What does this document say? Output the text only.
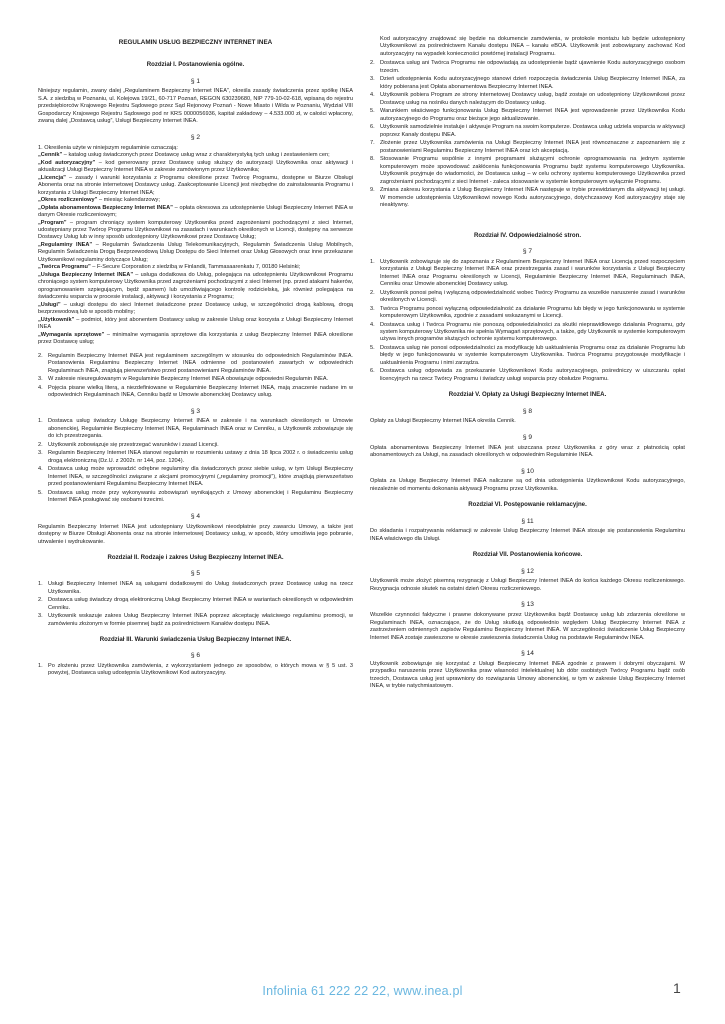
REGULAMIN USŁUG BEZPIECZNY INTERNET INEA
Rozdział I. Postanowienia ogólne.
§ 1

Niniejszy regulamin, zwany dalej „Regulaminem Bezpieczny Internet INEA”, określa zasady świadczenia przez spółkę INEA S.A. z siedzibą w Poznaniu, ul. Kolejowa 19/21, 60-717 Poznań, REGON 630239680, NIP 779-10-02-618, wpisaną do rejestru przedsiębiorców Krajowego Rejestru Sądowego przez Sąd Rejonowy Poznań - Nowe Miasto i Wilda w Poznaniu, Wydział VIII Gospodarczy Krajowego Rejestru Sądowego pod nr KRS 0000056936, kapitał zakładowy – 4.533.000 zł, w całości wpłacony, zwaną dalej „Dostawcą usług”, Usługi Bezpieczny Internet INEA.

§ 2
1. Określenia użyte w niniejszym regulaminie oznaczają:
„Cennik” – katalog usług świadczonych przez Dostawcę usług wraz z charakterystyką tych usług i zestawieniem cen;
„Kod autoryzacyjny” – kod generowany przez Dostawcę usług służący do autoryzacji Użytkownika oraz aktywacji i aktualizacji Usługi Bezpieczny Internet INEA w zakresie zamówionym przez Użytkownika;
„Licencja” – zasady i warunki korzystania z Programu określone przez Twórcę Programu, dostępne w Biurze Obsługi Abonenta oraz na stronie internetowej Dostawcy usług. Zaakceptowanie Licencji jest niezbędne do zainstalowania Programu i korzystania z Usługi Bezpieczny Internet INEA;
„Okres rozliczeniowy” – miesiąc kalendarzowy;
„Opłata abonamentowa Bezpieczny Internet INEA” – opłata okresowa za udostępnienie Usługi Bezpieczny Internet INEA w danym Okresie rozliczeniowym;
„Program” – program chroniący system komputerowy Użytkownika przed zagrożeniami pochodzącymi z sieci Internet, udostępniany przez Twórcę Programu Użytkownikowi na zasadach i warunkach określonych w Licencji, dostępny na serwerze Dostawcy Usług lub w inny sposób udostępniony Użytkownikowi przez Dostawcę Usług;
„Regulaminy INEA” – Regulamin Świadczenia Usług Telekomunikacyjnych, Regulamin Świadczenia Usług Mobilnych, Regulamin Świadczenia Drogą Bezprzewodową Usług Dostępu do Sieci Internet oraz Usług Głosowych oraz inne przekazane Użytkownikowi regulaminy dotyczące Usług;
„Twórca Programu” – F-Secure Corporation z siedzibą w Finlandii, Tammasaarenkatu 7, 00180 Helsinki;
„Usługa Bezpieczny Internet INEA” – usługa dodatkowa do Usług, polegająca na udostępnieniu Użytkownikowi Programu chroniącego system komputerowy Użytkownika przed zagrożeniami pochodzącymi z sieci Internet (np. przed atakami hakerów, oprogramowaniem szpiegującym, będź spamem) lub umożliwiającego kontrolę rodzicielską, jak również polegająca na świadczeniu wsparcia w procesie instalacji, aktywacji i korzystania z Programu;
„Usługi” – usługi dostępu do sieci Internet świadczone przez Dostawcę usług, w szczególności drogą kablową, drogą bezprzewodową lub w sposób mobilny;
„Użytkownik” – podmiot, który jest abonentem Dostawcy usług w zakresie Usług oraz korzysta z Usługi Bezpieczny Internet INEA
„Wymagania sprzętowe” – minimalne wymagania sprzętowe dla korzystania z usług Bezpieczny Internet INEA określone przez Dostawcę usług;
2. Regulamin Bezpieczny Internet INEA jest regulaminem szczególnym w stosunku do odpowiednich Regulaminów INEA. Postanowienia Regulaminu Bezpieczny Internet INEA odmienne od postanowień zawartych w odpowiednich Regulaminach INEA, znajdują pierwszeństwo przed postanowieniami Regulaminów INEA.
3. W zakresie nieuregulowanym w Regulaminie Bezpieczny Internet INEA obowiązuje odpowiedni Regulamin INEA.
4. Pojęcia pisane wielką literą, a niezdefiniowane w Regulaminie Bezpieczny Internet INEA, mają znaczenie nadane im w odpowiednich Regulaminach INEA, Cenniku bądź w Umowie abonenckiej Dostawcy usług.
§ 3
1. Dostawca usług świadczy Usługę Bezpieczny Internet INEA w zakresie i na warunkach określonych w Umowie abonenckiej, Regulaminie Bezpieczny Internet INEA, Regulaminach INEA oraz w Cenniku, a Użytkownik zobowiązuje się do ich przestrzegania.
2. Użytkownik zobowiązuje się przestrzegać warunków i zasad Licencji.
3. Regulamin Bezpieczny Internet INEA stanowi regulamin w rozumieniu ustawy z dnia 18 lipca 2002 r. o świadczeniu usług drogą elektroniczną (Dz.U. z 2002r. nr 144, poz. 1204).
4. Dostawca usług może wprowadzić odrębne regulaminy dla świadczonych przez siebie usług, w tym Usługi Bezpieczny Internet INEA, w szczególności związane z akcjami promocyjnymi („regulaminy promocji”), które znajdują pierwszeństwo przed postanowieniami Regulaminu Bezpieczny Internet INEA.
5. Dostawca usług może przy wykonywaniu zobowiązań wynikających z Umowy abonenckiej i Regulaminu Bezpieczny Internet INEA posługiwać się osobami trzecimi.
§ 4

Regulamin Bezpieczny Internet INEA jest udostępniany Użytkownikowi nieodpłatnie przy zawarciu Umowy, a także jest dostępny w Biurze Obsługi Abonenta oraz na stronie internetowej Dostawcy usług, w sposób, który umożliwia jego pobranie, utrwalenie i wydrukowanie.

Rozdział II. Rodzaje i zakres Usług Bezpieczny Internet INEA.
§ 5
1. Usługi Bezpieczny Internet INEA są usługami dodatkowymi do Usług świadczonych przez Dostawcę usług na rzecz Użytkownika.
2. Dostawca usług świadczy drogą elektroniczną Usługi Bezpieczny Internet INEA w wariantach określonych w odpowiednim Cenniku.
3. Użytkownik wskazuje zakres Usług Bezpieczny Internet INEA poprzez akceptację właściwego regulaminu promocji, w zamówieniu złożonym w formie pisemnej bądź za pośrednictwem Kanałów dostępu INEA.
Rozdział III. Warunki świadczenia Usług Bezpieczny Internet INEA.
§ 6
1. Po złożeniu przez Użytkownika zamówienia, z wykorzystaniem jednego ze sposobów, o których mowa w § 5 ust. 3 powyżej, Dostawca usług udostępnia Użytkownikowi Kod autoryzacyjny.

Kod autoryzacyjny znajdować się będzie na dokumencie zamówienia, w protokole montażu lub będzie udostępniony Użytkownikowi za pośrednictwem Kanału dostępu INEA – kanału eBOA. Użytkownik jest zobowiązany zachować Kod autoryzacyjny na wypadek konieczności powtórnej instalacji Programu.

2. Dostawca usług ani Twórca Programu nie odpowiadają za udostępnienie bądź ujawnienie Kodu autoryzacyjnego osobom trzecim.
3. Dzień udostępnienia Kodu autoryzacyjnego stanowi dzień rozpoczęcia świadczenia Usług Bezpieczny Internet INEA, za który pobierana jest Opłata abonamentowa Bezpieczny Internet INEA.
4. Użytkownik pobiera Program ze strony internetowej Dostawcy usług, bądź zostaje on udostępniony Użytkownikowi przez Dostawcę usług na nośniku danych należącym do Dostawcy usług.
5. Warunkiem właściwego funkcjonowania Usług Bezpieczny Internet INEA jest wprowadzenie przez Użytkownika Kodu autoryzacyjnego do Programu oraz bieżące jego aktualizowanie.
6. Użytkownik samodzielnie instaluje i aktywuje Program na swoim komputerze. Dostawca usług udziela wsparcia w aktywacji poprzez Kanały dostępu INEA.
7. Złożenie przez Użytkownika zamówienia na Usługi Bezpieczny Internet INEA jest równoznaczne z zapoznaniem się z postanowieniami Regulaminu Bezpieczny Internet INEA oraz ich akceptacją.
8. Stosowanie Programu wspólnie z innymi programami służącymi ochronie oprogramowania na jednym systemie komputerowym może spowodować zakłócenia funkcjonowania Programu bądź systemu komputerowego Użytkownika. Użytkownik przyjmuje do wiadomości, że Dostawca usług – w celu ochrony systemu komputerowego Użytkownika przed zagrożeniami pochodzącymi z sieci Internet - zaleca stosowanie w systemie komputerowym wyłącznie Programu.
9. Zmiana zakresu korzystania z Usług Bezpieczny Internet INEA następuje w trybie przewidzianym dla aktywacji tej usługi. W momencie udostępnienia Użytkownikowi nowego Kodu autoryzacyjnego, dotychczasowy Kod autoryzacyjny staje się nieaktywny.
Rozdział IV. Odpowiedzialność stron.
§ 7
1. Użytkownik zobowiązuje się do zapoznania z Regulaminem Bezpieczny Internet INEA oraz Licencją przed rozpoczęciem korzystania z Usługi Bezpieczny Internet INEA oraz przestrzegania zasad i warunków korzystania z Usługi Bezpieczny Internet INEA oraz Programu określonych w Licencji, Regulaminie Bezpieczny Internet INEA, Regulaminach INEA, Cenniku oraz Umowie abonenckiej Dostawcy usług.
2. Użytkownik ponosi pełną i wyłączną odpowiedzialność wobec Twórcy Programu za wszelkie naruszenie zasad i warunków określonych w Licencji.
3. Twórca Programu ponosi wyłączną odpowiedzialność za działanie Programu lub błędy w jego funkcjonowaniu w systemie komputerowym Użytkownika, zgodnie z zasadami wskazanymi w Licencji.
4. Dostawca usług i Twórca Programu nie ponoszą odpowiedzialności za skutki nieprawidłowego działania Programu, gdy system komputerowy Użytkownika nie spełnia Wymagań sprzętowych, a także, gdy Użytkownik w systemie komputerowym używa innych programów służących ochronie systemu komputerowego.
5. Dostawca usług nie ponosi odpowiedzialności za modyfikację lub uaktualnienia Programu oraz za działanie Programu lub błędy w jego funkcjonowaniu w systemie komputerowym Użytkownika. Twórca Programu przygotowuje modyfikacje i uaktualnienia Programu i nimi zarządza.
6. Dostawca usług odpowiada za przekazanie Użytkownikowi Kodu autoryzacyjnego, pośredniczy w uiszczaniu opłat licencyjnych na rzecz Twórcy Programu i świadczy usługi wsparcia przy obsłudze Programu.
Rozdział V. Opłaty za Usługi Bezpieczny Internet INEA.
§ 8

Opłaty za Usługi Bezpieczny Internet INEA określa Cennik.

§ 9

Opłata abonamentowa Bezpieczny Internet INEA jest uiszczana przez Użytkownika z góry wraz z płatnością opłat abonamentowych za Usługi, na zasadach określonych w odpowiednim Regulaminie INEA.

§ 10

Opłata za Usługę Bezpieczny Internet INEA naliczane są od dnia udostępnienia Użytkownikowi Kodu autoryzacyjnego, niezależnie od momentu dokonania aktywacji Programu przez Użytkownika.

Rozdział VI. Postępowanie reklamacyjne.
§ 11

Do składania i rozpatrywania reklamacji w zakresie Usług Bezpieczny Internet INEA stosuje się postanowienia Regulaminu INEA właściwego dla Usługi.

Rozdział VII. Postanowienia końcowe.
§ 12

Użytkownik może złożyć pisemną rezygnację z Usługi Bezpieczny Internet INEA do końca każdego Okresu rozliczeniowego. Rezygnacja odnosie skutek na ostatni dzień Okresu rozliczeniowego.

§ 13

Wszelkie czynności faktyczne i prawne dokonywane przez Użytkownika bądź Dostawcę usług lub zdarzenia określone w Regulaminach INEA, oznaczające, że do Usług skutkują odpowiednio względem Usług Bezpieczny Internet INEA z zastrzeżeniem odmiennych zapisów Regulaminu Bezpieczny Internet INEA. W szczególności świadczenie Usług Bezpieczny Internet INEA zostaje zawieszone w okresie zawieszenia świadczenia Usług na podstawie Regulaminów INEA.

§ 14

Użytkownik zobowiązuje się korzystać z Usługi Bezpieczny Internet INEA zgodnie z prawem i dobrymi obyczajami. W przypadku naruszenia przez Użytkownika praw własności intelektualnej lub dóbr osobistych Twórcy Programu bądź osób trzecich, Dostawca usług jest uprawniony do rozwiązania Umowy abonenckiej, w tym w zakresie Usług Bezpieczny Internet INEA, w trybie natychmiastowym.

Infolinia 61 222 22 22, www.inea.pl	1
